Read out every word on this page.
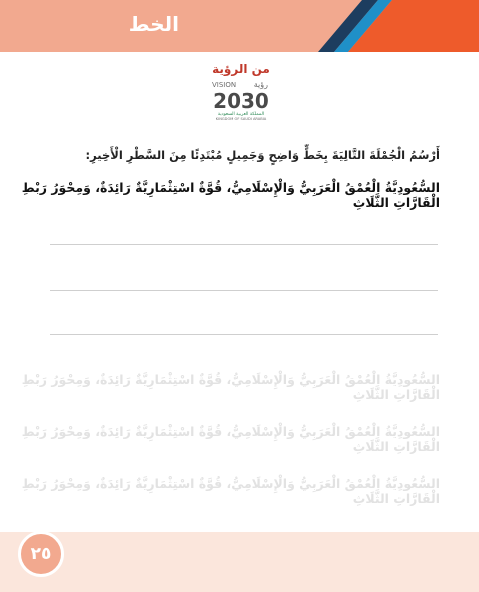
الخط
من الرؤية
VISION رؤية
2030
المملكة العربية السعودية
KINGDOM OF SAUDI ARABIA
أَرْسُمُ الْجُمْلَةَ التَّالِيَةَ بِخَطٍّ وَاضِحٍ وَجَمِيلٍ مُبْتَدِئًا مِنَ السَّطْرِ الْأَخِيرِ:
السُّعُودِيَّةُ الْعُمْقُ الْعَرَبِيُّ وَالْإِسْلَامِيُّ، قُوَّةٌ اسْتِثْمَارِيَّةٌ رَائِدَةٌ، وَمِحْوَرُ رَبْطِ الْقَارَّاتِ الثَّلَاثِ
السُّعُودِيَّةُ الْعُمْقُ الْعَرَبِيُّ وَالْإِسْلَامِيُّ، قُوَّةٌ اسْتِثْمَارِيَّةٌ رَائِدَةٌ، وَمِحْوَرُ رَبْطِ الْقَارَّاتِ الثَّلَاثِ
السُّعُودِيَّةُ الْعُمْقُ الْعَرَبِيُّ وَالْإِسْلَامِيُّ، قُوَّةٌ اسْتِثْمَارِيَّةٌ رَائِدَةٌ، وَمِحْوَرُ رَبْطِ الْقَارَّاتِ الثَّلَاثِ
السُّعُودِيَّةُ الْعُمْقُ الْعَرَبِيُّ وَالْإِسْلَامِيُّ، قُوَّةٌ اسْتِثْمَارِيَّةٌ رَائِدَةٌ، وَمِحْوَرُ رَبْطِ الْقَارَّاتِ الثَّلَاثِ
٢٥
